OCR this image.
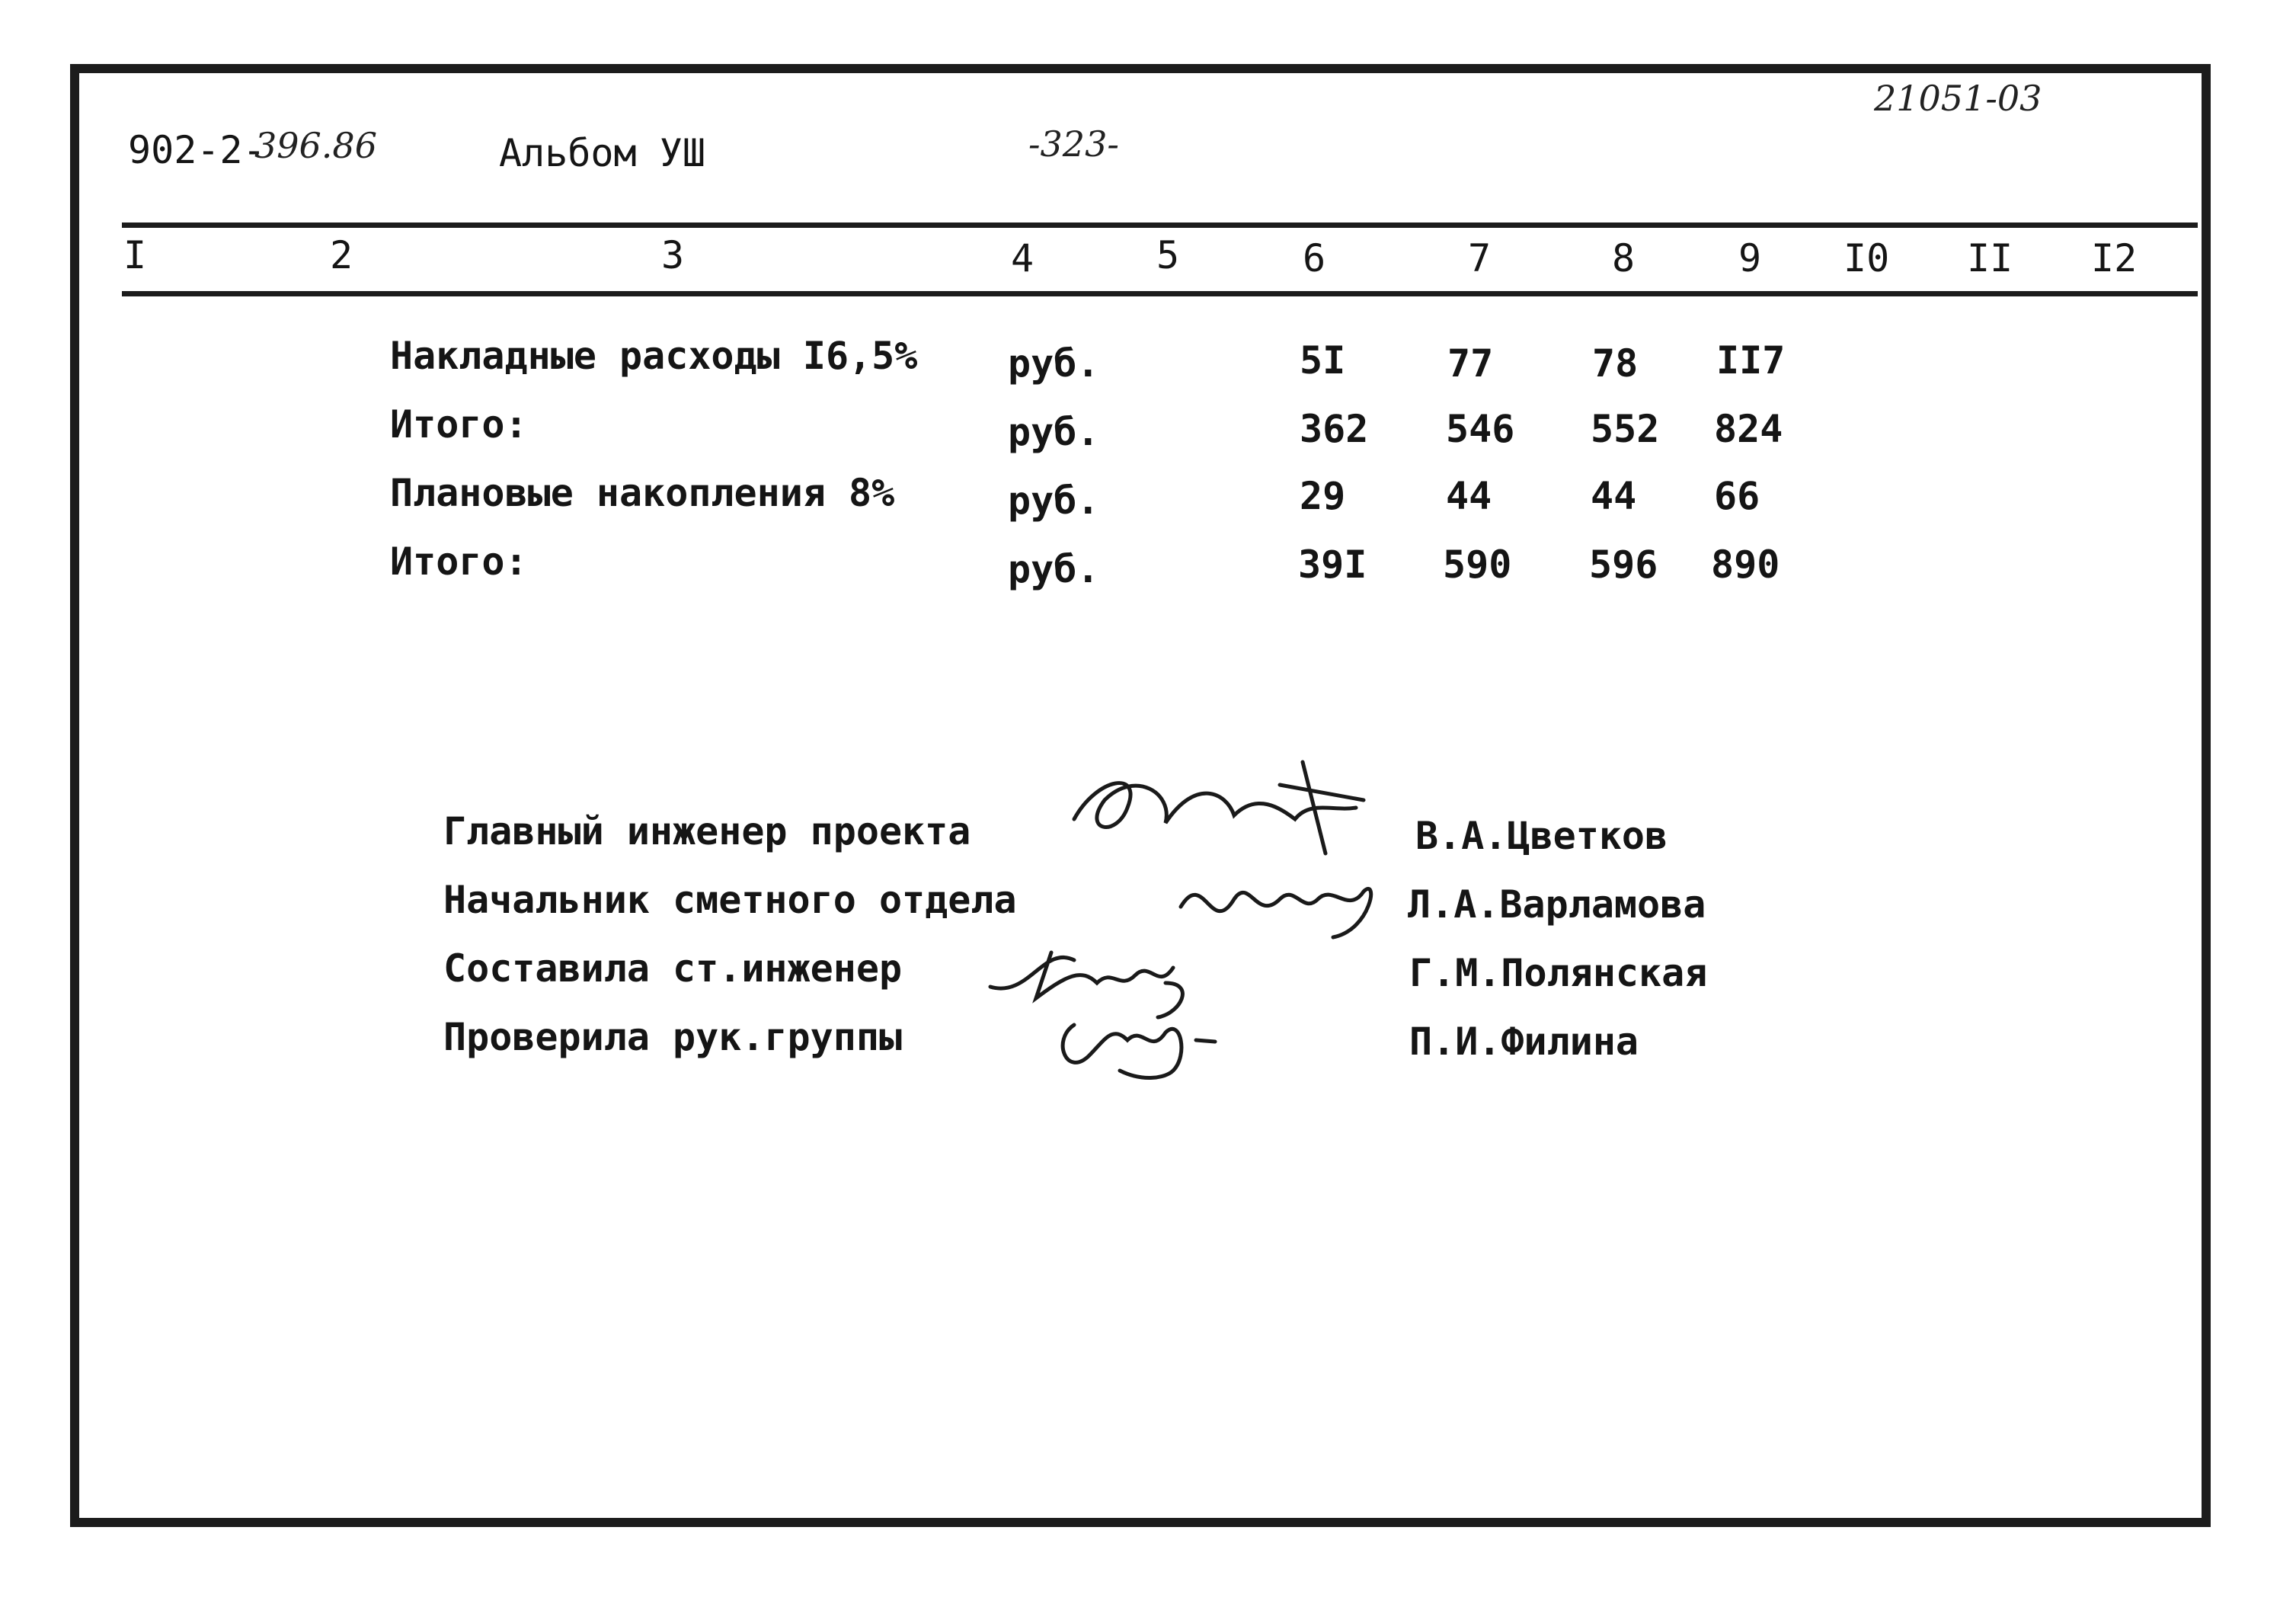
902-2-
396.86	Альбом УШ	-323-
21051-03
I	2	3	4	5	6	7	8	9 I0 II I2
Накладные расходы I6,5% руб.	5I	77	78 II7
Итого:	руб.	362 546 552 824
Плановые накопления 8%	руб.	29	44	44 66
Итого:	руб.	39I 590 596 890
Главный инженер проекта	В.А.Цветков
Начальник сметного отдела	Л.А.Варламова
Составила ст.инженер	Г.М.Полянская
Проверила рук.группы	П.И.Филина
